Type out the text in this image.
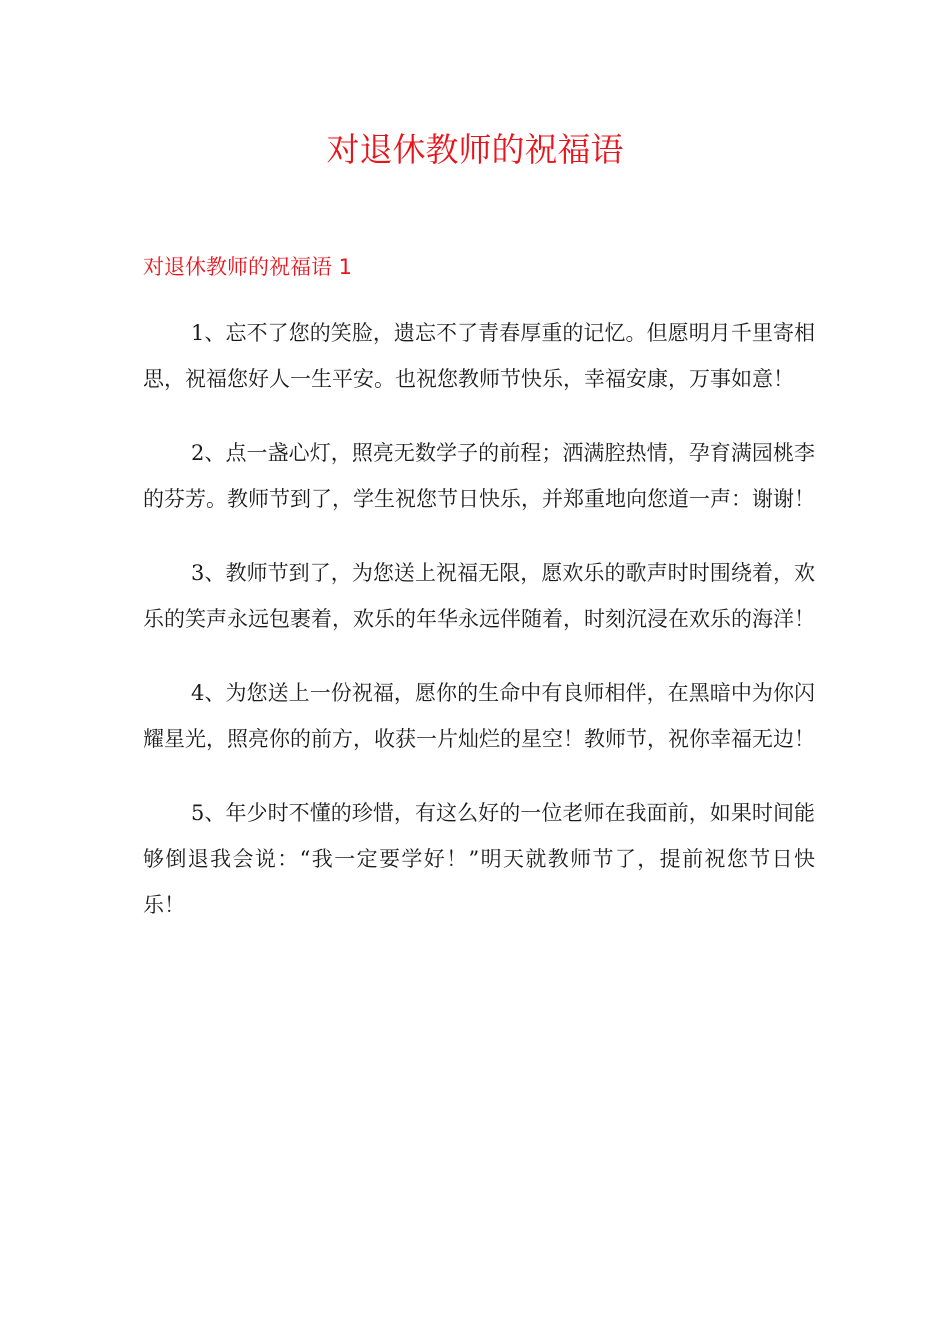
对退休教师的祝福语
对退休教师的祝福语 1

1、忘不了您的笑脸，遗忘不了青春厚重的记忆。但愿明月千里寄相思，祝福您好人一生平安。也祝您教师节快乐，幸福安康，万事如意！

2、点一盏心灯，照亮无数学子的前程；洒满腔热情，孕育满园桃李的芬芳。教师节到了，学生祝您节日快乐，并郑重地向您道一声：谢谢！

3、教师节到了，为您送上祝福无限，愿欢乐的歌声时时围绕着，欢乐的笑声永远包裹着，欢乐的年华永远伴随着，时刻沉浸在欢乐的海洋！

4、为您送上一份祝福，愿你的生命中有良师相伴，在黑暗中为你闪耀星光，照亮你的前方，收获一片灿烂的星空！教师节，祝你幸福无边！

5、年少时不懂的珍惜，有这么好的一位老师在我面前，如果时间能够倒退我会说：“我一定要学好！”明天就教师节了，提前祝您节日快乐！
